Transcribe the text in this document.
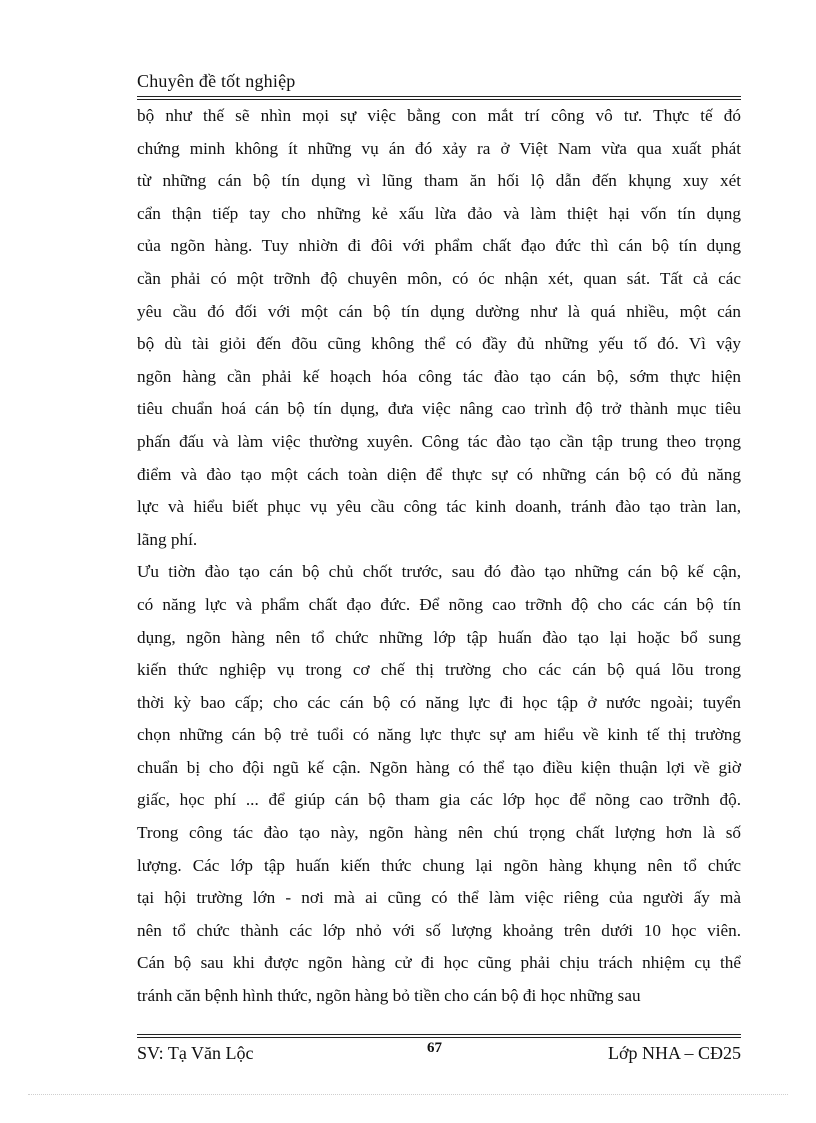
Chuyên đề tốt nghiệp
bộ như thế sẽ nhìn mọi sự việc bằng con mắt trí công vô tư. Thực tế đó
chứng minh không ít những vụ án đó xảy ra ở Việt Nam vừa qua xuất phát
từ những cán bộ tín dụng vì lũng tham ăn hối lộ dẫn đến khụng xuy xét
cẩn thận tiếp tay cho những kẻ xấu lừa đảo và làm thiệt hại vốn tín dụng
của ngõn hàng. Tuy nhiờn đi đôi với phẩm chất đạo đức thì cán bộ tín dụng
cần phải có một trỡnh độ chuyên môn, có óc nhận xét, quan sát. Tất cả các
yêu cầu đó đối với một cán bộ tín dụng dường như là quá nhiều, một cán
bộ dù tài giỏi đến đõu cũng không thể có đầy đủ những yếu tố đó. Vì vậy
ngõn hàng cần phải kế hoạch hóa công tác đào tạo cán bộ, sớm thực hiện
tiêu chuẩn hoá cán bộ tín dụng, đưa việc nâng cao trình độ trở thành mục tiêu
phấn đấu và làm việc thường xuyên. Công tác đào tạo cần tập trung theo trọng
điểm và đào tạo một cách toàn diện để thực sự có những cán bộ có đủ năng
lực và hiểu biết phục vụ yêu cầu công tác kinh doanh, tránh đào tạo tràn lan,
lãng phí.
Ưu tiờn đào tạo cán bộ chủ chốt trước, sau đó đào tạo những cán bộ kế cận,
có năng lực và phẩm chất đạo đức. Để nõng cao trỡnh độ cho các cán bộ tín
dụng, ngõn hàng nên tổ chức những lớp tập huấn đào tạo lại hoặc bổ sung
kiến thức nghiệp vụ trong cơ chế thị trường cho các cán bộ quá lõu trong
thời kỳ bao cấp; cho các cán bộ có năng lực đi học tập ở nước ngoài; tuyển
chọn những cán bộ trẻ tuổi có năng lực thực sự am hiểu về kinh tế thị trường
chuẩn bị cho đội ngũ kế cận. Ngõn hàng có thể tạo điều kiện thuận lợi về giờ
giấc, học phí ... để giúp cán bộ tham gia các lớp học để nõng cao trỡnh độ.
Trong công tác đào tạo này, ngõn hàng nên chú trọng chất lượng hơn là số
lượng. Các lớp tập huấn kiến thức chung lại ngõn hàng khụng nên tổ chức
tại hội trường lớn - nơi mà ai cũng có thể làm việc riêng của người ấy mà
nên tổ chức thành các lớp nhỏ với số lượng khoảng trên dưới 10 học viên.
Cán bộ sau khi được ngõn hàng cử đi học cũng phải chịu trách nhiệm cụ thể
tránh căn bệnh hình thức, ngõn hàng bỏ tiền cho cán bộ đi học những sau
SV: Tạ Văn Lộc	67	Lớp NHA – CĐ25
